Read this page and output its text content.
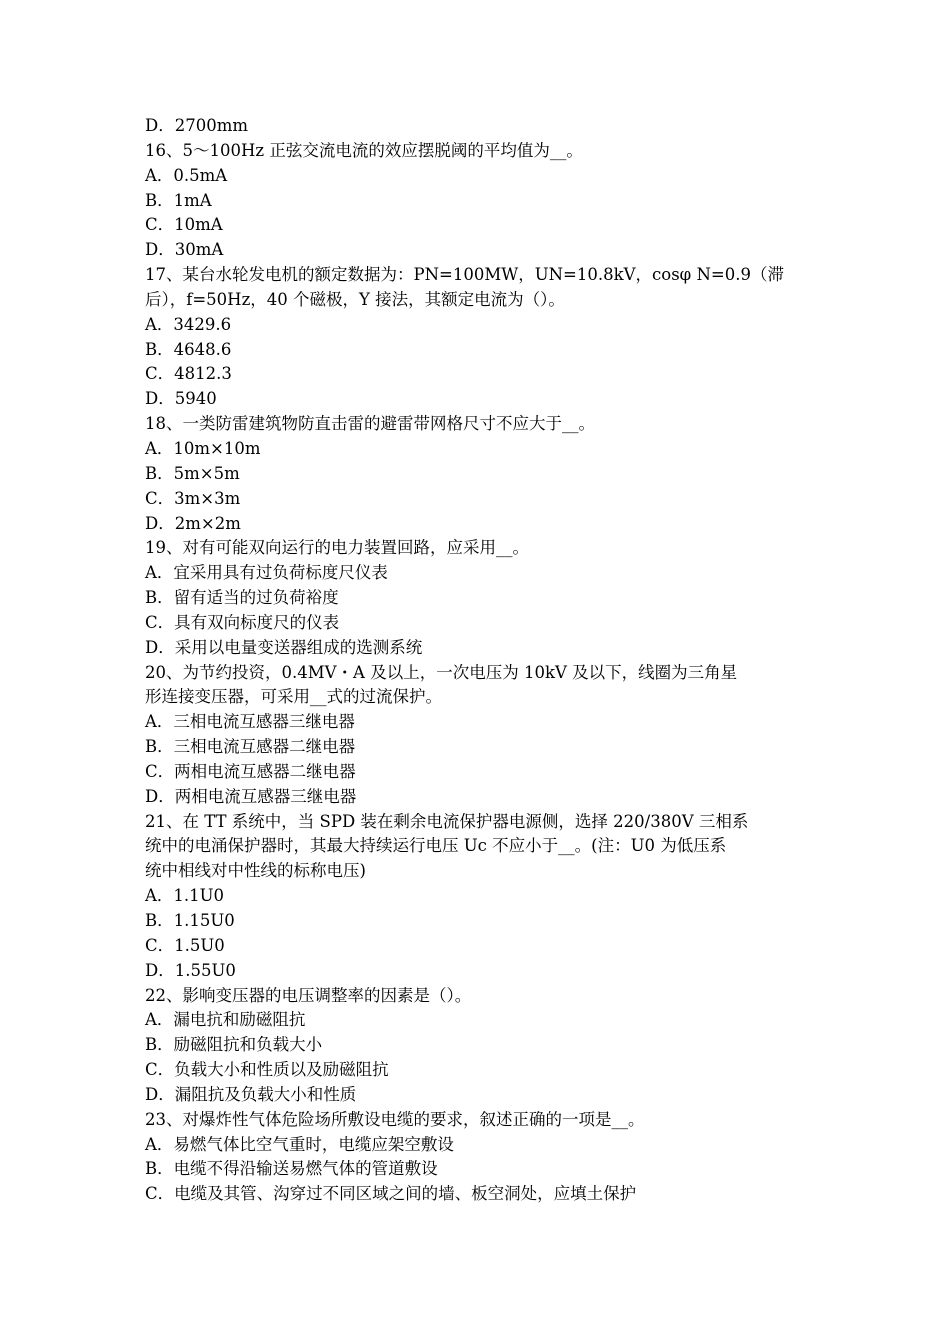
D．2700mm
16、5～100Hz 正弦交流电流的效应摆脱阈的平均值为__。
A．0.5mA
B．1mA
C．10mA
D．30mA
17、某台水轮发电机的额定数据为：PN=100MW，UN=10.8kV，cosφ N=0.9（滞
后），f=50Hz，40 个磁极，Y 接法，其额定电流为（）。
A．3429.6
B．4648.6
C．4812.3
D．5940
18、一类防雷建筑物防直击雷的避雷带网格尺寸不应大于__。
A．10m×10m
B．5m×5m
C．3m×3m
D．2m×2m
19、对有可能双向运行的电力装置回路，应采用__。
A．宜采用具有过负荷标度尺仪表
B．留有适当的过负荷裕度
C．具有双向标度尺的仪表
D．采用以电量变送器组成的选测系统
20、为节约投资，0.4MV・A 及以上，一次电压为 10kV 及以下，线圈为三角星
形连接变压器，可采用__式的过流保护。
A．三相电流互感器三继电器
B．三相电流互感器二继电器
C．两相电流互感器二继电器
D．两相电流互感器三继电器
21、在 TT 系统中，当 SPD 装在剩余电流保护器电源侧，选择 220/380V 三相系
统中的电涌保护器时，其最大持续运行电压 Uc 不应小于__。(注：U0 为低压系
统中相线对中性线的标称电压)
A．1.1U0
B．1.15U0
C．1.5U0
D．1.55U0
22、影响变压器的电压调整率的因素是（）。
A．漏电抗和励磁阻抗
B．励磁阻抗和负载大小
C．负载大小和性质以及励磁阻抗
D．漏阻抗及负载大小和性质
23、对爆炸性气体危险场所敷设电缆的要求，叙述正确的一项是__。
A．易燃气体比空气重时，电缆应架空敷设
B．电缆不得沿输送易燃气体的管道敷设
C．电缆及其管、沟穿过不同区域之间的墙、板空洞处，应填土保护
